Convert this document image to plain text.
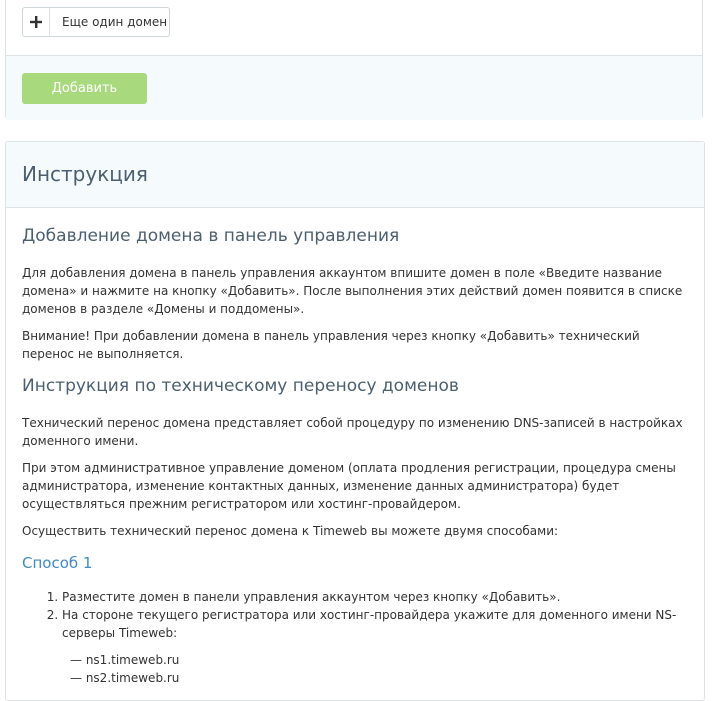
Еще один домен
Добавить
Инструкция
Добавление домена в панель управления

Для добавления домена в панель управления аккаунтом впишите домен в поле «Введите название домена» и нажмите на кнопку «Добавить». После выполнения этих действий домен появится в списке доменов в разделе «Домены и поддомены».

Внимание! При добавлении домена в панель управления через кнопку «Добавить» технический перенос не выполняется.

Инструкция по техническому переносу доменов

Технический перенос домена представляет собой процедуру по изменению DNS-записей в настройках доменного имени.

При этом административное управление доменом (оплата продления регистрации, процедура смены администратора, изменение контактных данных, изменение данных администратора) будет осуществляться прежним регистратором или хостинг-провайдером.

Осуществить технический перенос домена к Timeweb вы можете двумя способами:

Способ 1
1. Разместите домен в панели управления аккаунтом через кнопку «Добавить».
2. На стороне текущего регистратора или хостинг-провайдера укажите для доменного имени NS-серверы Timeweb:
— ns1.timeweb.ru
— ns2.timeweb.ru
